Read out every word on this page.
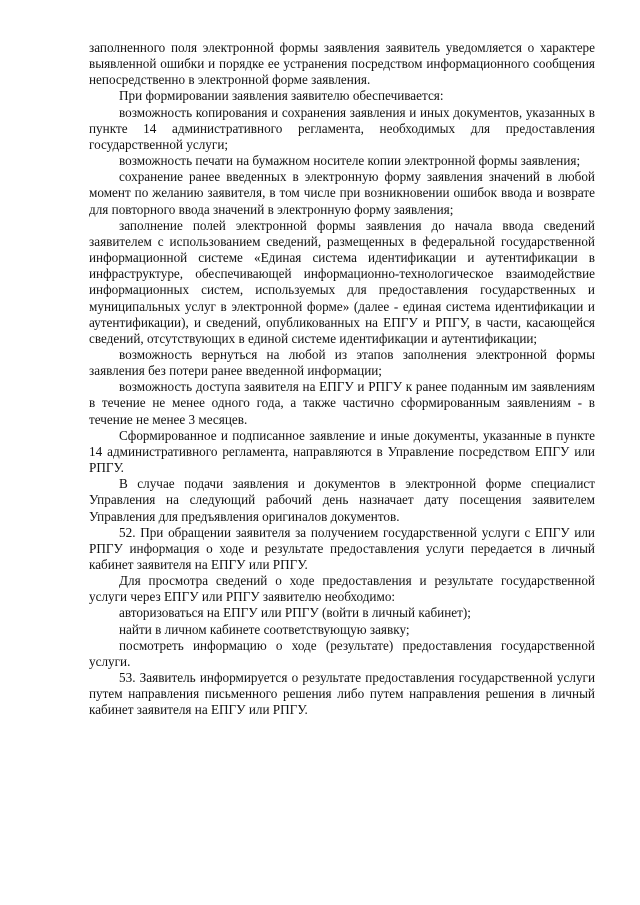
заполненного поля электронной формы заявления заявитель уведомляется о характере выявленной ошибки и порядке ее устранения посредством информационного сообщения непосредственно в электронной форме заявления.

При формировании заявления заявителю обеспечивается:

возможность копирования и сохранения заявления и иных документов, указанных в пункте 14 административного регламента, необходимых для предоставления государственной услуги;

возможность печати на бумажном носителе копии электронной формы заявления;

сохранение ранее введенных в электронную форму заявления значений в любой момент по желанию заявителя, в том числе при возникновении ошибок ввода и возврате для повторного ввода значений в электронную форму заявления;

заполнение полей электронной формы заявления до начала ввода сведений заявителем с использованием сведений, размещенных в федеральной государственной информационной системе «Единая система идентификации и аутентификации в инфраструктуре, обеспечивающей информационно-технологическое взаимодействие информационных систем, используемых для предоставления государственных и муниципальных услуг в электронной форме» (далее - единая система идентификации и аутентификации), и сведений, опубликованных на ЕПГУ и РПГУ, в части, касающейся сведений, отсутствующих в единой системе идентификации и аутентификации;

возможность вернуться на любой из этапов заполнения электронной формы заявления без потери ранее введенной информации;

возможность доступа заявителя на ЕПГУ и РПГУ к ранее поданным им заявлениям в течение не менее одного года, а также частично сформированным заявлениям - в течение не менее 3 месяцев.

Сформированное и подписанное заявление и иные документы, указанные в пункте 14 административного регламента, направляются в Управление посредством ЕПГУ или РПГУ.

В случае подачи заявления и документов в электронной форме специалист Управления на следующий рабочий день назначает дату посещения заявителем Управления для предъявления оригиналов документов.

52. При обращении заявителя за получением государственной услуги с ЕПГУ или РПГУ информация о ходе и результате предоставления услуги передается в личный кабинет заявителя на ЕПГУ или РПГУ.

Для просмотра сведений о ходе предоставления и результате государственной услуги через ЕПГУ или РПГУ заявителю необходимо:

авторизоваться на ЕПГУ или РПГУ (войти в личный кабинет);

найти в личном кабинете соответствующую заявку;

посмотреть информацию о ходе (результате) предоставления государственной услуги.

53. Заявитель информируется о результате предоставления государственной услуги путем направления письменного решения либо путем направления решения в личный кабинет заявителя на ЕПГУ или РПГУ.
